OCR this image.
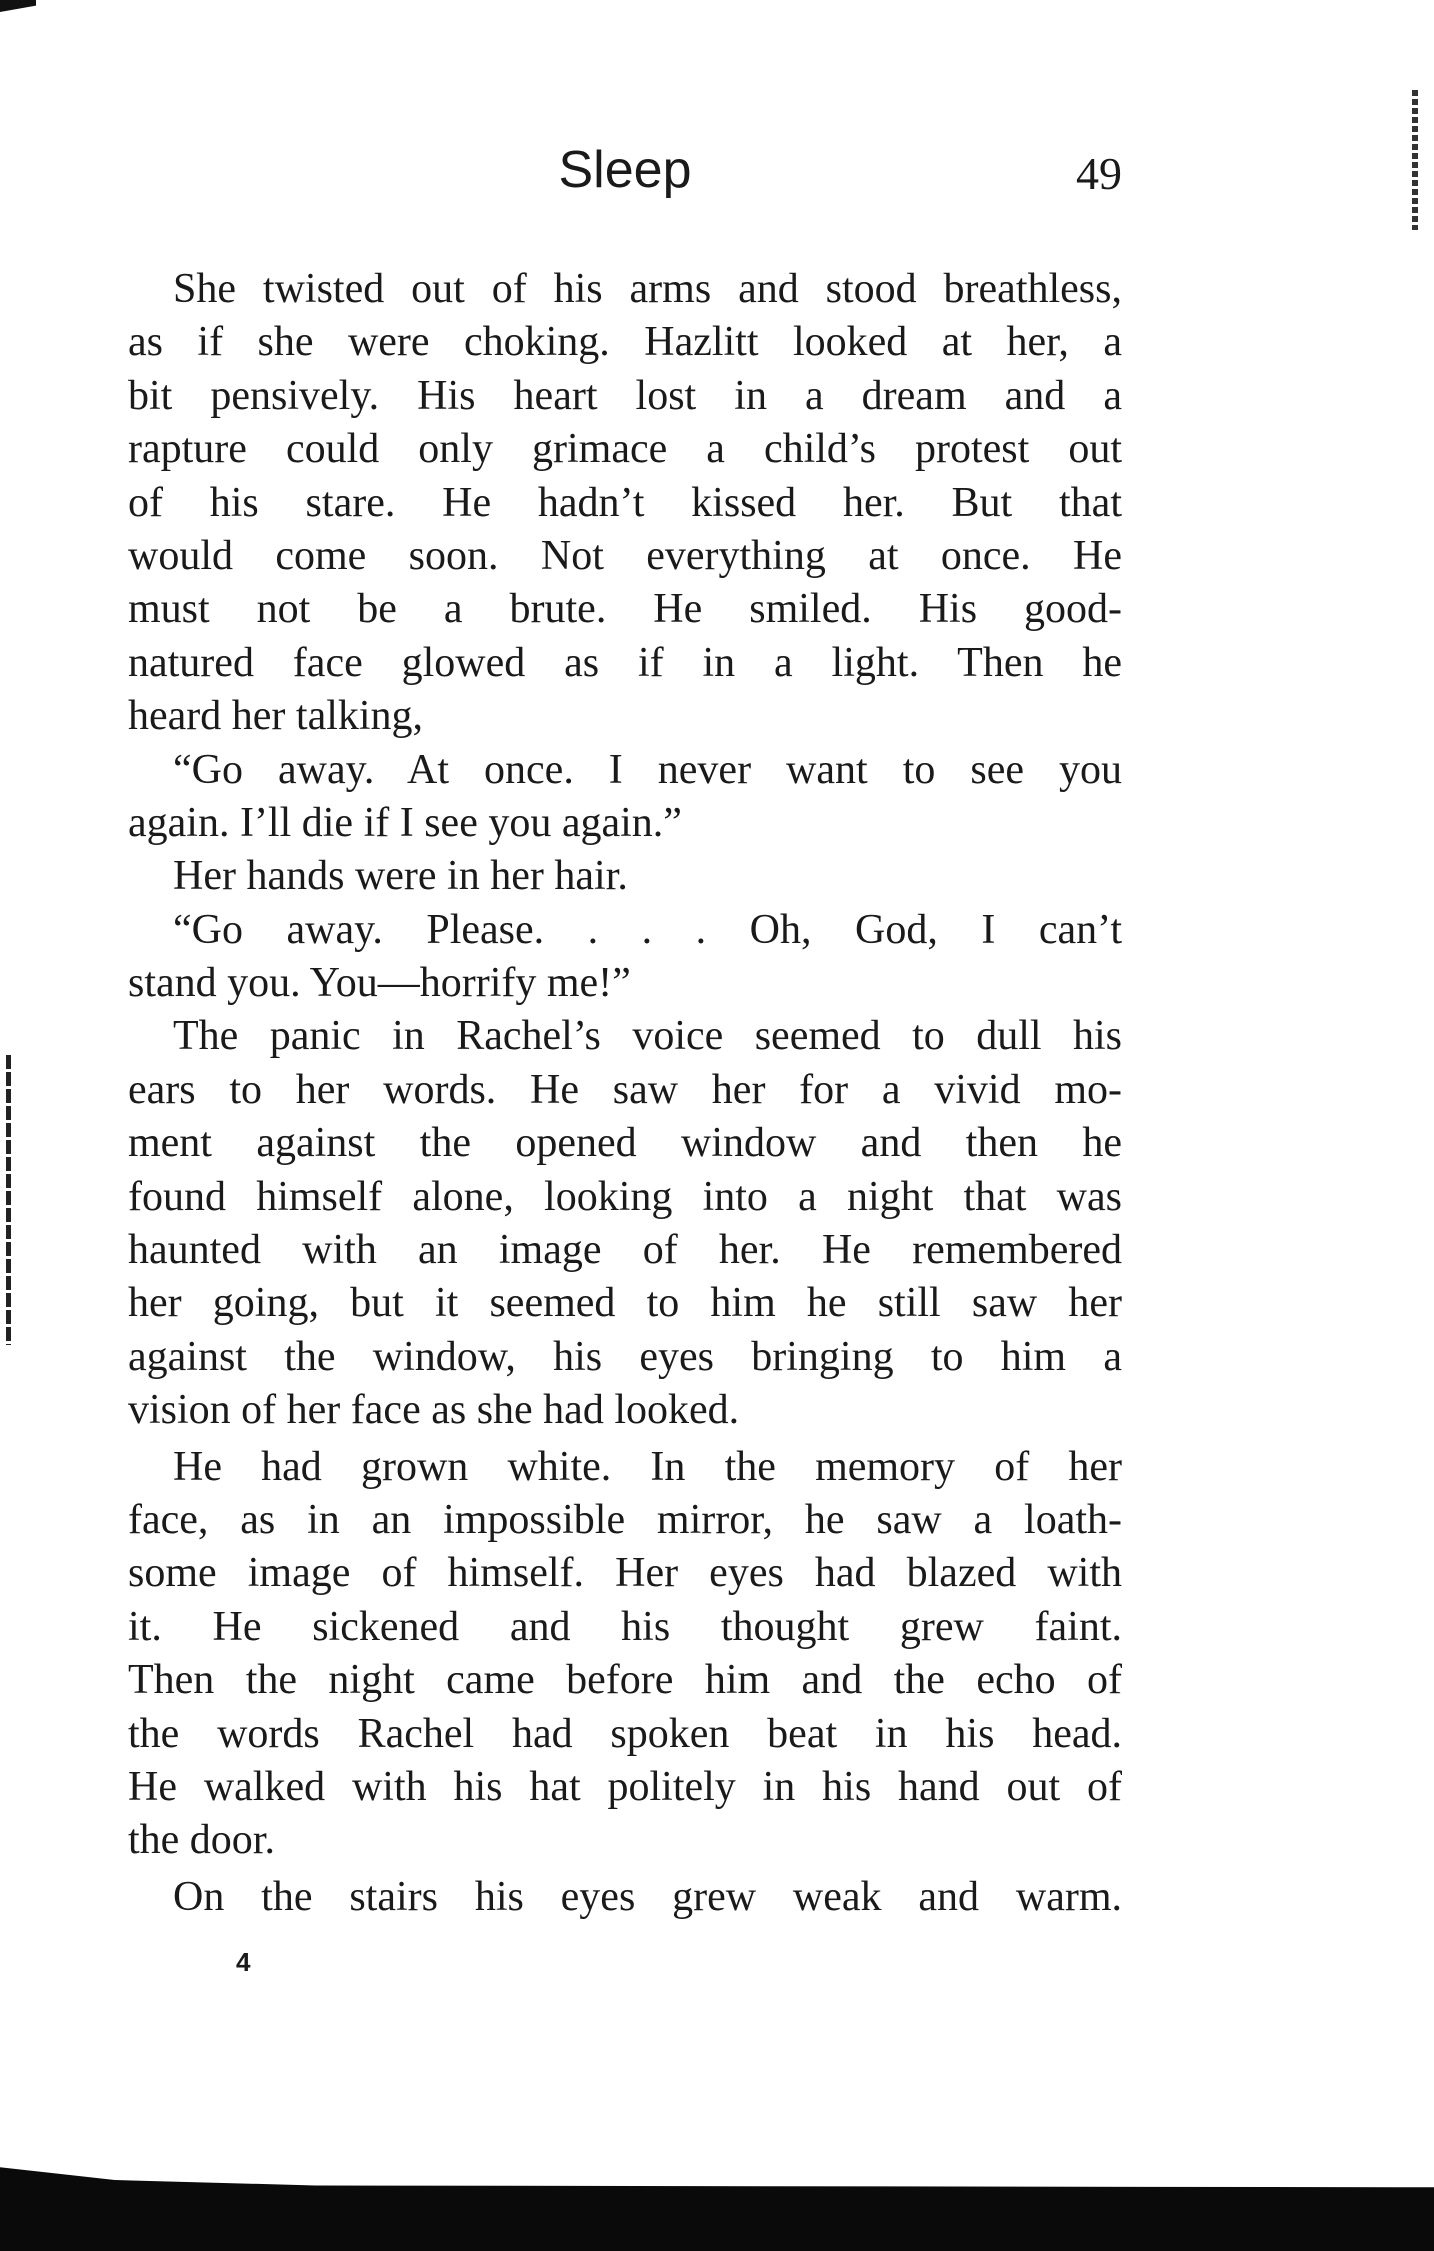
Sleep	49
She twisted out of his arms and stood breathless,
as if she were choking. Hazlitt looked at her, a
bit pensively. His heart lost in a dream and a
rapture could only grimace a child’s protest out
of his stare. He hadn’t kissed her. But that
would come soon. Not everything at once. He
must not be a brute. He smiled. His good-
natured face glowed as if in a light. Then he
heard her talking,
“Go away. At once. I never want to see you
again. I’ll die if I see you again.”
Her hands were in her hair.
“Go away. Please. . . . Oh, God, I can’t
stand you. You—horrify me!”
The panic in Rachel’s voice seemed to dull his
ears to her words. He saw her for a vivid mo-
ment against the opened window and then he
found himself alone, looking into a night that was
haunted with an image of her. He remembered
her going, but it seemed to him he still saw her
against the window, his eyes bringing to him a
vision of her face as she had looked.
He had grown white. In the memory of her
face, as in an impossible mirror, he saw a loath-
some image of himself. Her eyes had blazed with
it. He sickened and his thought grew faint.
Then the night came before him and the echo of
the words Rachel had spoken beat in his head.
He walked with his hat politely in his hand out of
the door.
On the stairs his eyes grew weak and warm.
4
